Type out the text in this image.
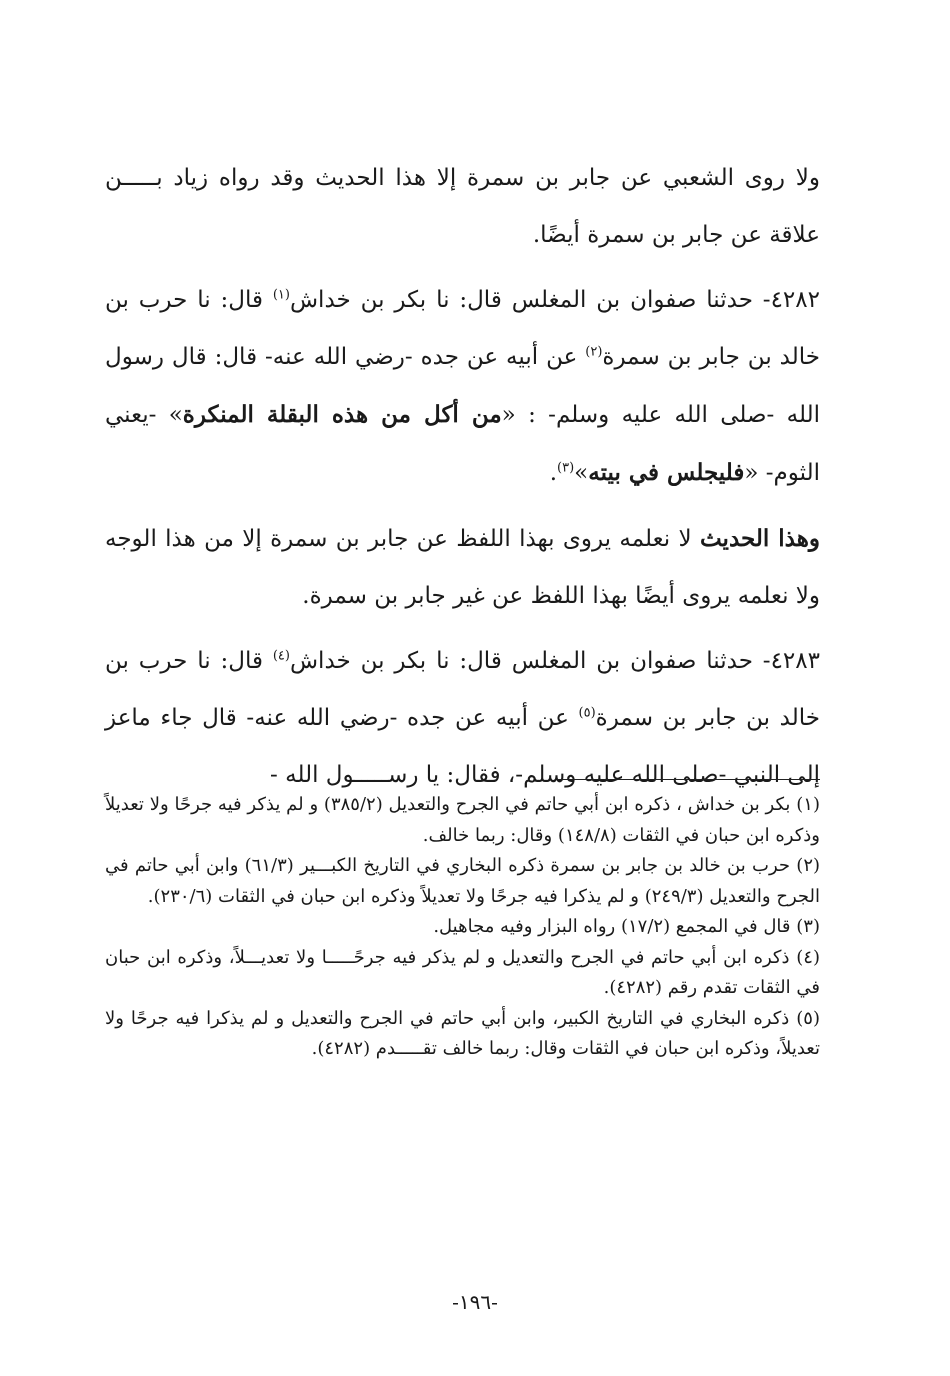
ولا روى الشعبي عن جابر بن سمرة إلا هذا الحديث وقد رواه زياد بـــــن علاقة عن جابر بن سمرة أيضًا.

٤٢٨٢- حدثنا صفوان بن المغلس قال: نا بكر بن خداش$^{(١)}$ قال: نا حرب بن خالد بن جابر بن سمرة$^{(٢)}$ عن أبيه عن جده -رضي الله عنه- قال: قال رسول الله -صلى الله عليه وسلم- : «من أكل من هذه البقلة المنكرة» -يعني الثوم- «فليجلس في بيته»$^{(٣)}$.

وهذا الحديث لا نعلمه يروى بهذا اللفظ عن جابر بن سمرة إلا من هذا الوجه ولا نعلمه يروى أيضًا بهذا اللفظ عن غير جابر بن سمرة.

٤٢٨٣- حدثنا صفوان بن المغلس قال: نا بكر بن خداش$^{(٤)}$ قال: نا حرب بن خالد بن جابر بن سمرة$^{(٥)}$ عن أبيه عن جده -رضي الله عنه- قال جاء ماعز إلى النبي -صلى الله عليه وسلم-، فقال: يا رســـــول الله -

(١) بكر بن خداش ، ذكره ابن أبي حاتم في الجرح والتعديل (٣٨٥/٢) و لم يذكر فيه جرحًا ولا تعديلاً وذكره ابن حبان في الثقات (١٤٨/٨) وقال: ربما خالف.

(٢) حرب بن خالد بن جابر بن سمرة ذكره البخاري في التاريخ الكبـــير (٦١/٣) وابن أبي حاتم في الجرح والتعديل (٢٤٩/٣) و لم يذكرا فيه جرحًا ولا تعديلاً وذكره ابن حبان في الثقات (٢٣٠/٦).

(٣) قال في المجمع (١٧/٢) رواه البزار وفيه مجاهيل.

(٤) ذكره ابن أبي حاتم في الجرح والتعديل و لم يذكر فيه جرحًـــــا ولا تعديـــلاً، وذكره ابن حبان في الثقات تقدم رقم (٤٢٨٢).

(٥) ذكره البخاري في التاريخ الكبير، وابن أبي حاتم في الجرح والتعديل و لم يذكرا فيه جرحًا ولا تعديلاً، وذكره ابن حبان في الثقات وقال: ربما خالف تقـــــدم (٤٢٨٢).

-١٩٦-
